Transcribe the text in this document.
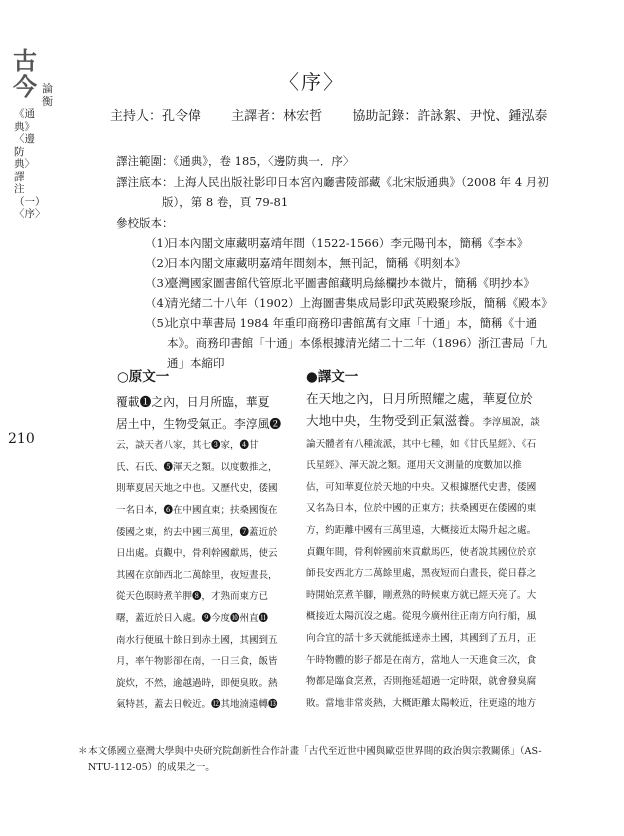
古今 論衡
《通典》〈邊防典〉譯注（一）〈序〉
210
〈序〉
主持人：孔令偉 主譯者：林宏哲 協助記錄：許詠絮、尹悅、鍾泓泰
譯注範圍：《通典》，卷 185，〈邊防典一．序〉
譯注底本： 上海人民出版社影印日本宮內廳書陵部藏《北宋版通典》（2008 年 4 月初版），第 8 卷，頁 79-81
參校版本：
（1）日本內閣文庫藏明嘉靖年間（1522-1566）李元陽刊本，簡稱《李本》
（2）日本內閣文庫藏明嘉靖年間刻本，無刊記，簡稱《明刻本》
（3）臺灣國家圖書館代管原北平圖書館藏明烏絲欄抄本微片，簡稱《明抄本》
（4）清光緒二十八年（1902）上海圖書集成局影印武英殿聚珍版，簡稱《殿本》
（5）北京中華書局 1984 年重印商務印書館萬有文庫「十通」本，簡稱《十通本》。商務印書館「十通」本係根據清光緒二十二年（1896）浙江書局「九通」本縮印
○原文一	●譯文一

覆載❶之內，日月所臨，華夏

居土中，生物受氣正。李淳風❷

云，談天者八家，其七❸家，❹甘

氏、石氏、❺渾天之類。以度數推之，

則華夏居天地之中也。又歷代史，倭國

一名日本，❻在中國直東；扶桑國復在

倭國之東，約去中國三萬里，❼蓋近於

日出處。貞觀中，骨利幹國獻馬，使云

其國在京師西北二萬餘里，夜短晝長，

從天色暝時煮羊胛❽，才熟而東方已

曙，蓋近於日入處。❾今度❿州直⓫

南水行便風十餘日到赤土國，其國到五

月，率午物影卻在南，一日三食，飯皆

旋炊，不然，逾越過時，即便臭敗。熱

氣特甚，蓋去日較近。⓬其地湳遠轉⓭

在天地之內，日月所照耀之處，華夏位於

大地中央，生物受到正氣滋養。李淳風說，談

論天體者有八種流派，其中七種，如《甘氏星經》、《石

氏星經》、渾天說之類。運用天文測量的度數加以推

估，可知華夏位於天地的中央。又根據歷代史書，倭國

又名為日本，位於中國的正東方；扶桑國更在倭國的東

方，約距離中國有三萬里遠，大概接近太陽升起之處。

貞觀年間，骨利幹國前來貢獻馬匹，使者說其國位於京

師長安西北方二萬餘里處，黑夜短而白晝長，從日暮之

時開始烹煮羊腳，剛煮熟的時候東方就已經天亮了。大

概接近太陽沉沒之處。從現今廣州往正南方向行船，風

向合宜的話十多天就能抵達赤土國，其國到了五月，正

午時物體的影子都是在南方，當地人一天進食三次，食

物都是臨食烹煮，否則拖延超過一定時限，就會發臭腐

敗。當地非常炎熱，大概距離太陽較近，往更遠的地方

＊ 本文係國立臺灣大學與中央研究院創新性合作計畫「古代至近世中國與歐亞世界間的政治與宗教關係」（AS-NTU-112-05）的成果之一。
